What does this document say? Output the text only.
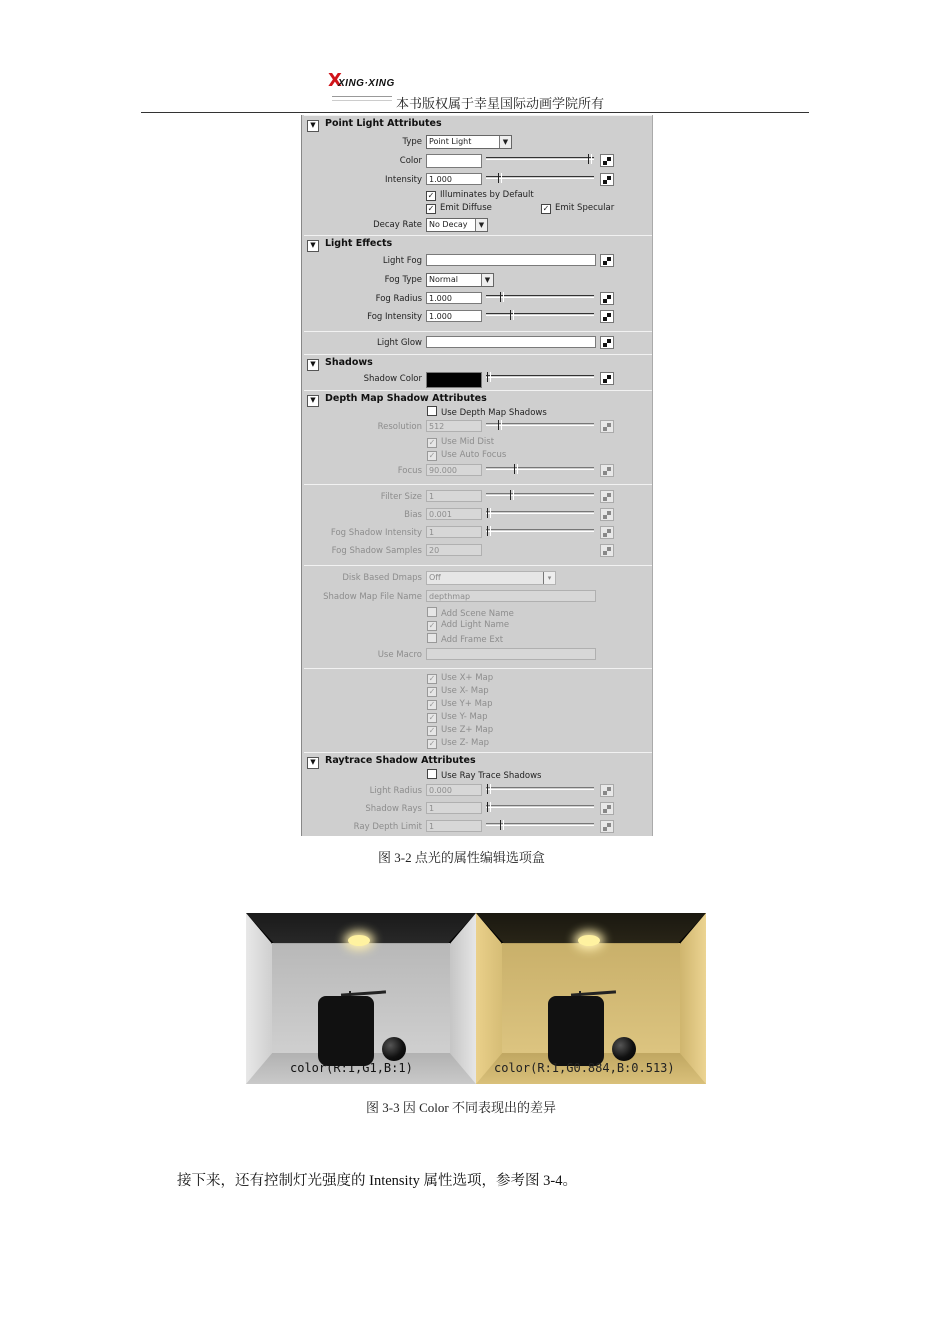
X
XING·XING
本书版权属于幸星国际动画学院所有
▼ Point Light Attributes
Type Point Light	▼
Color
Intensity 1.000
✓ Illuminates by Default
✓ Emit Diffuse	✓ Emit Specular
Decay Rate No Decay	▼
▼ Light Effects
Light Fog
Fog Type Normal	▼
Fog Radius 1.000
Fog Intensity 1.000
Light Glow
▼ Shadows
Shadow Color
▼ Depth Map Shadow Attributes
Use Depth Map Shadows
Resolution 512
✓ Use Mid Dist
✓ Use Auto Focus
Focus 90.000
Filter Size 1
Bias 0.001
Fog Shadow Intensity 1
Fog Shadow Samples 20
Disk Based Dmaps Off	▾
Shadow Map File Name depthmap
Add Scene Name
✓ Add Light Name
Add Frame Ext
Use Macro
✓ Use X+ Map
✓ Use X- Map
✓ Use Y+ Map
✓ Use Y- Map
✓ Use Z+ Map
✓ Use Z- Map
▼ Raytrace Shadow Attributes
Use Ray Trace Shadows
Light Radius 0.000
Shadow Rays 1
Ray Depth Limit 1
图 3-2 点光的属性编辑选项盒
color(R:1,G1,B:1)	color(R:1,G0.884,B:0.513)
图 3-3 因 Color 不同表现出的差异
接下来，还有控制灯光强度的 Intensity 属性选项，参考图 3-4。
